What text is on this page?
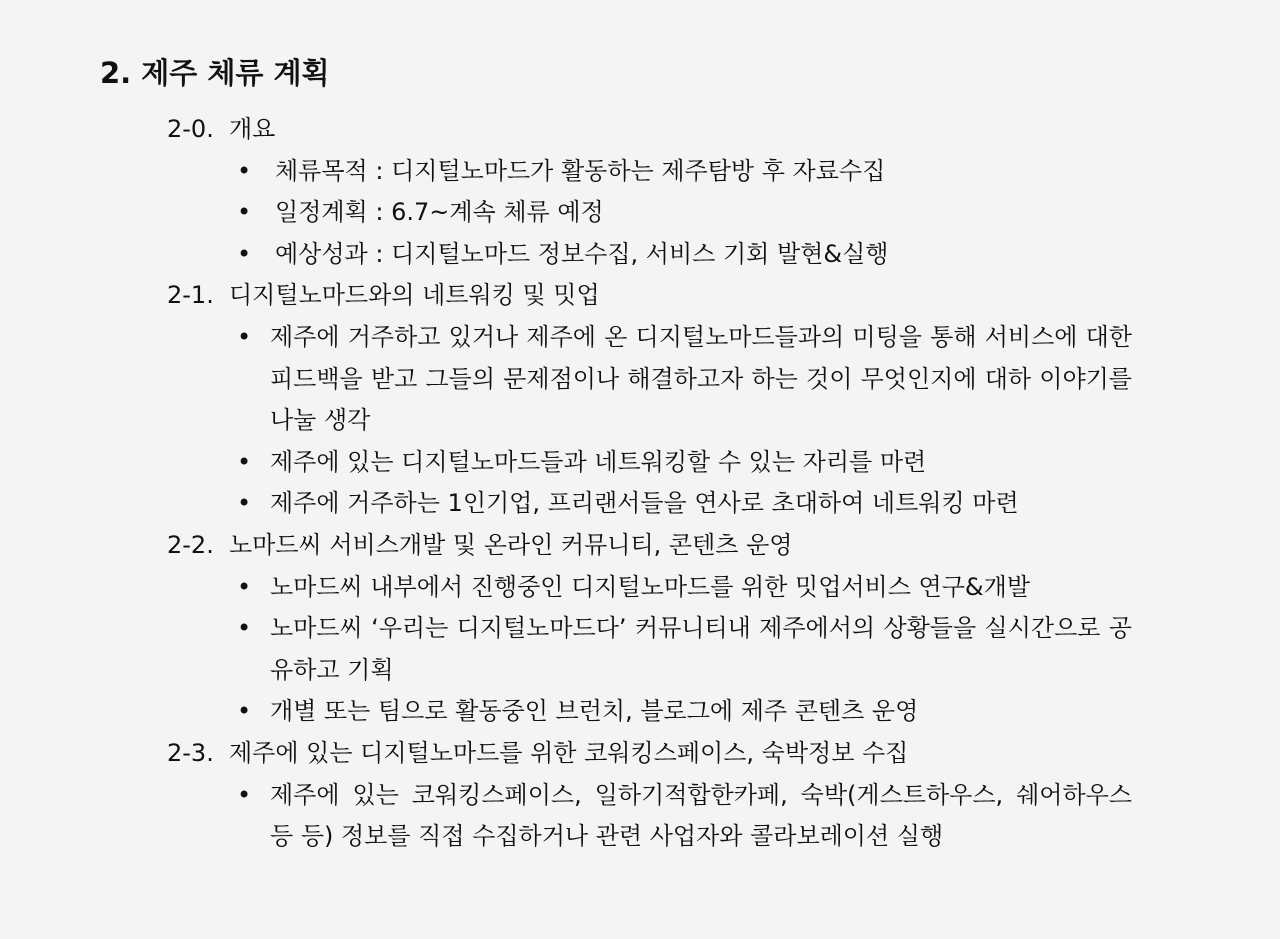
2. 제주 체류 계획
2-0. 개요
• 체류목적 : 디지털노마드가 활동하는 제주탐방 후 자료수집
• 일정계획 : 6.7~계속 체류 예정
• 예상성과 : 디지털노마드 정보수집, 서비스 기회 발현&실행
2-1. 디지털노마드와의 네트워킹 및 밋업
• 제주에 거주하고 있거나 제주에 온 디지털노마드들과의 미팅을 통해 서비스에 대한 피드백을 받고 그들의 문제점이나 해결하고자 하는 것이 무엇인지에 대하 이야기를 나눌 생각
• 제주에 있는 디지털노마드들과 네트워킹할 수 있는 자리를 마련
• 제주에 거주하는 1인기업, 프리랜서들을 연사로 초대하여 네트워킹 마련
2-2. 노마드씨 서비스개발 및 온라인 커뮤니티, 콘텐츠 운영
• 노마드씨 내부에서 진행중인 디지털노마드를 위한 밋업서비스 연구&개발
• 노마드씨 ‘우리는 디지털노마드다’ 커뮤니티내 제주에서의 상황들을 실시간으로 공유하고 기획
• 개별 또는 팀으로 활동중인 브런치, 블로그에 제주 콘텐츠 운영
2-3. 제주에 있는 디지털노마드를 위한 코워킹스페이스, 숙박정보 수집
• 제주에 있는 코워킹스페이스, 일하기적합한카페, 숙박(게스트하우스, 쉐어하우스 등 등) 정보를 직접 수집하거나 관련 사업자와 콜라보레이션 실행
